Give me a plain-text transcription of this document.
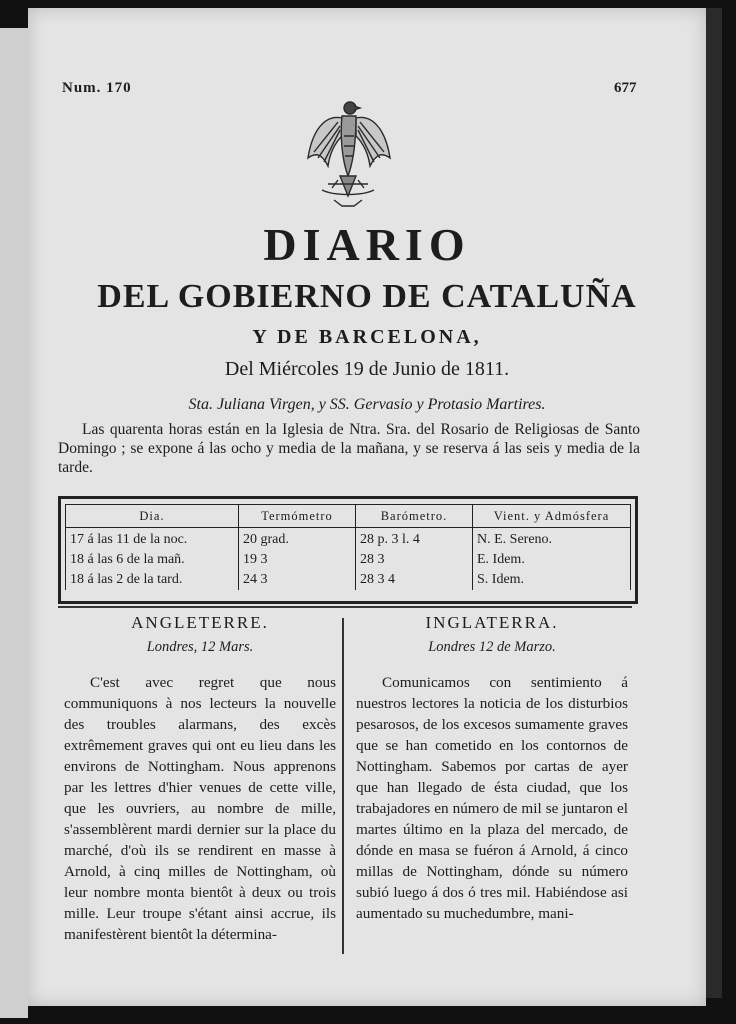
Num. 170	677
DIARIO
DEL GOBIERNO DE CATALUÑA
Y DE BARCELONA,
Del Miércoles 19 de Junio de 1811.
Sta. Juliana Virgen, y SS. Gervasio y Protasio Martires.

Las quarenta horas están en la Iglesia de Ntra. Sra. del Rosario de Religiosas de Santo Domingo ; se expone á las ocho y media de la mañana, y se reserva á las seis y media de la tarde.

Dia.	Termómetro	Barómetro.	Vient. y Admósfera
17 á las 11 de la noc.	20 grad.	28 p. 3 l. 4	N. E. Sereno.
18 á las 6 de la mañ.	19 3	28 3	E. Idem.
18 á las 2 de la tard.	24 3	28 3 4	S. Idem.
ANGLETERRE.
Londres, 12 Mars.

C'est avec regret que nous communiquons à nos lecteurs la nouvelle des troubles alarmans, des excès extrêmement graves qui ont eu lieu dans les environs de Nottingham. Nous apprenons par les lettres d'hier venues de cette ville, que les ouvriers, au nombre de mille, s'assemblèrent mardi dernier sur la place du marché, d'où ils se rendirent en masse à Arnold, à cinq milles de Nottingham, où leur nombre monta bientôt à deux ou trois mille. Leur troupe s'étant ainsi accrue, ils manifestèrent bientôt la détermina-

INGLATERRA.
Londres 12 de Marzo.

Comunicamos con sentimiento á nuestros lectores la noticia de los disturbios pesarosos, de los excesos sumamente graves que se han cometido en los contornos de Nottingham. Sabemos por cartas de ayer que han llegado de ésta ciudad, que los trabajadores en número de mil se juntaron el martes último en la plaza del mercado, de dónde en masa se fuéron á Arnold, á cinco millas de Nottingham, dónde su número subió luego á dos ó tres mil. Habiéndose asi aumentado su muchedumbre, mani-
